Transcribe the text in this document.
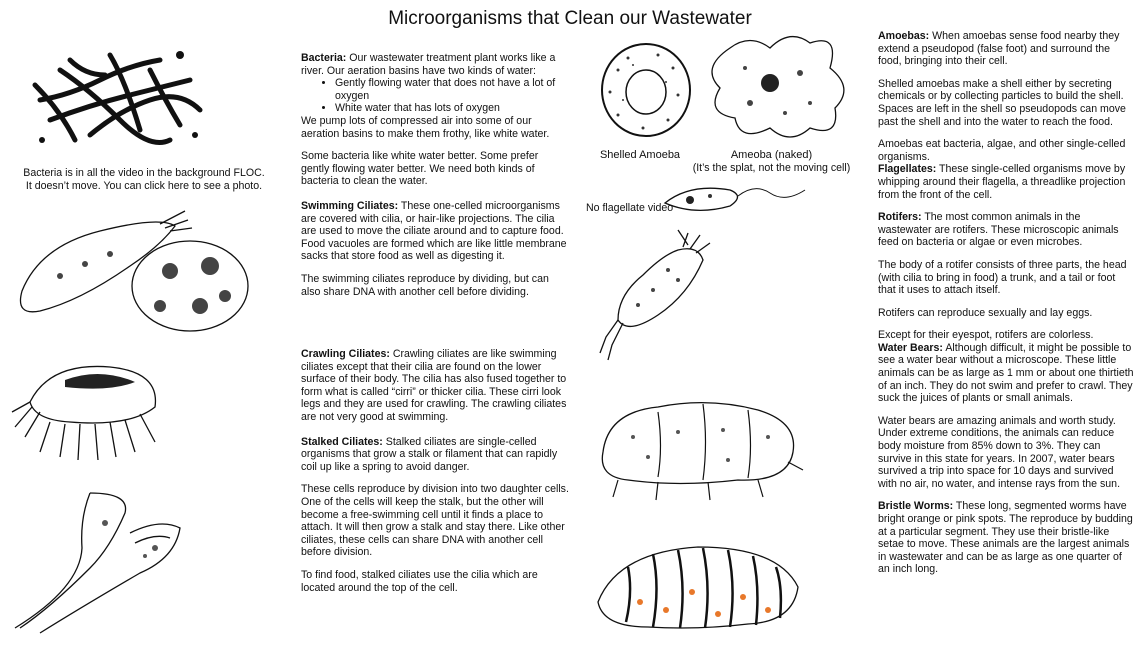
Microorganisms that Clean our Wastewater
Bacteria is in all the video in the background FLOC.
It doesn’t move. You can click here to see a photo.

Bacteria: Our wastewater treatment plant works like a river. Our aeration basins have two kinds of water:

• Gently flowing water that does not have a lot of oxygen
• White water that has lots of oxygen

We pump lots of compressed air into some of our aeration basins to make them frothy, like white water.

Some bacteria like white water better. Some prefer gently flowing water better. We need both kinds of bacteria to clean the water.

Swimming Ciliates: These one-celled microorganisms are covered with cilia, or hair-like projections. The cilia are used to move the ciliate around and to capture food. Food vacuoles are formed which are like little membrane sacks that store food as well as digesting it.

The swimming ciliates reproduce by dividing, but can also share DNA with another cell before dividing.

Crawling Ciliates: Crawling ciliates are like swimming ciliates except that their cilia are found on the lower surface of their body. The cilia has also fused together to form what is called “cirri” or thicker cilia. These cirri look legs and they are used for crawling. The crawling ciliates are not very good at swimming.

Stalked Ciliates: Stalked ciliates are single-celled organisms that grow a stalk or filament that can rapidly coil up like a spring to avoid danger.

These cells reproduce by division into two daughter cells. One of the cells will keep the stalk, but the other will become a free-swimming cell until it finds a place to attach. It will then grow a stalk and stay there. Like other ciliates, these cells can share DNA with another cell before division.

To find food, stalked ciliates use the cilia which are located around the top of the cell.

Shelled Amoeba	Ameoba (naked)
(It’s the splat, not the moving cell)
No flagellate video

Amoebas: When amoebas sense food nearby they extend a pseudopod (false foot) and surround the food, bringing into their cell.

Shelled amoebas make a shell either by secreting chemicals or by collecting particles to build the shell. Spaces are left in the shell so pseudopods can move past the shell and into the water to reach the food.

Amoebas eat bacteria, algae, and other single-celled organisms.

Flagellates: These single-celled organisms move by whipping around their flagella, a threadlike projection from the front of the cell.

Rotifers: The most common animals in the wastewater are rotifers. These microscopic animals feed on bacteria or algae or even microbes.

The body of a rotifer consists of three parts, the head (with cilia to bring in food) a trunk, and a tail or foot that it uses to attach itself.

Rotifers can reproduce sexually and lay eggs.

Except for their eyespot, rotifers are colorless.

Water Bears: Although difficult, it might be possible to see a water bear without a microscope. These little animals can be as large as 1 mm or about one thirtieth of an inch. They do not swim and prefer to crawl. They suck the juices of plants or small animals.

Water bears are amazing animals and worth study. Under extreme conditions, the animals can reduce body moisture from 85% down to 3%. They can survive in this state for years. In 2007, water bears survived a trip into space for 10 days and survived with no air, no water, and intense rays from the sun.

Bristle Worms: These long, segmented worms have bright orange or pink spots. The reproduce by budding at a particular segment. They use their bristle-like setae to move. These animals are the largest animals in wastewater and can be as large as one quarter of an inch long.
